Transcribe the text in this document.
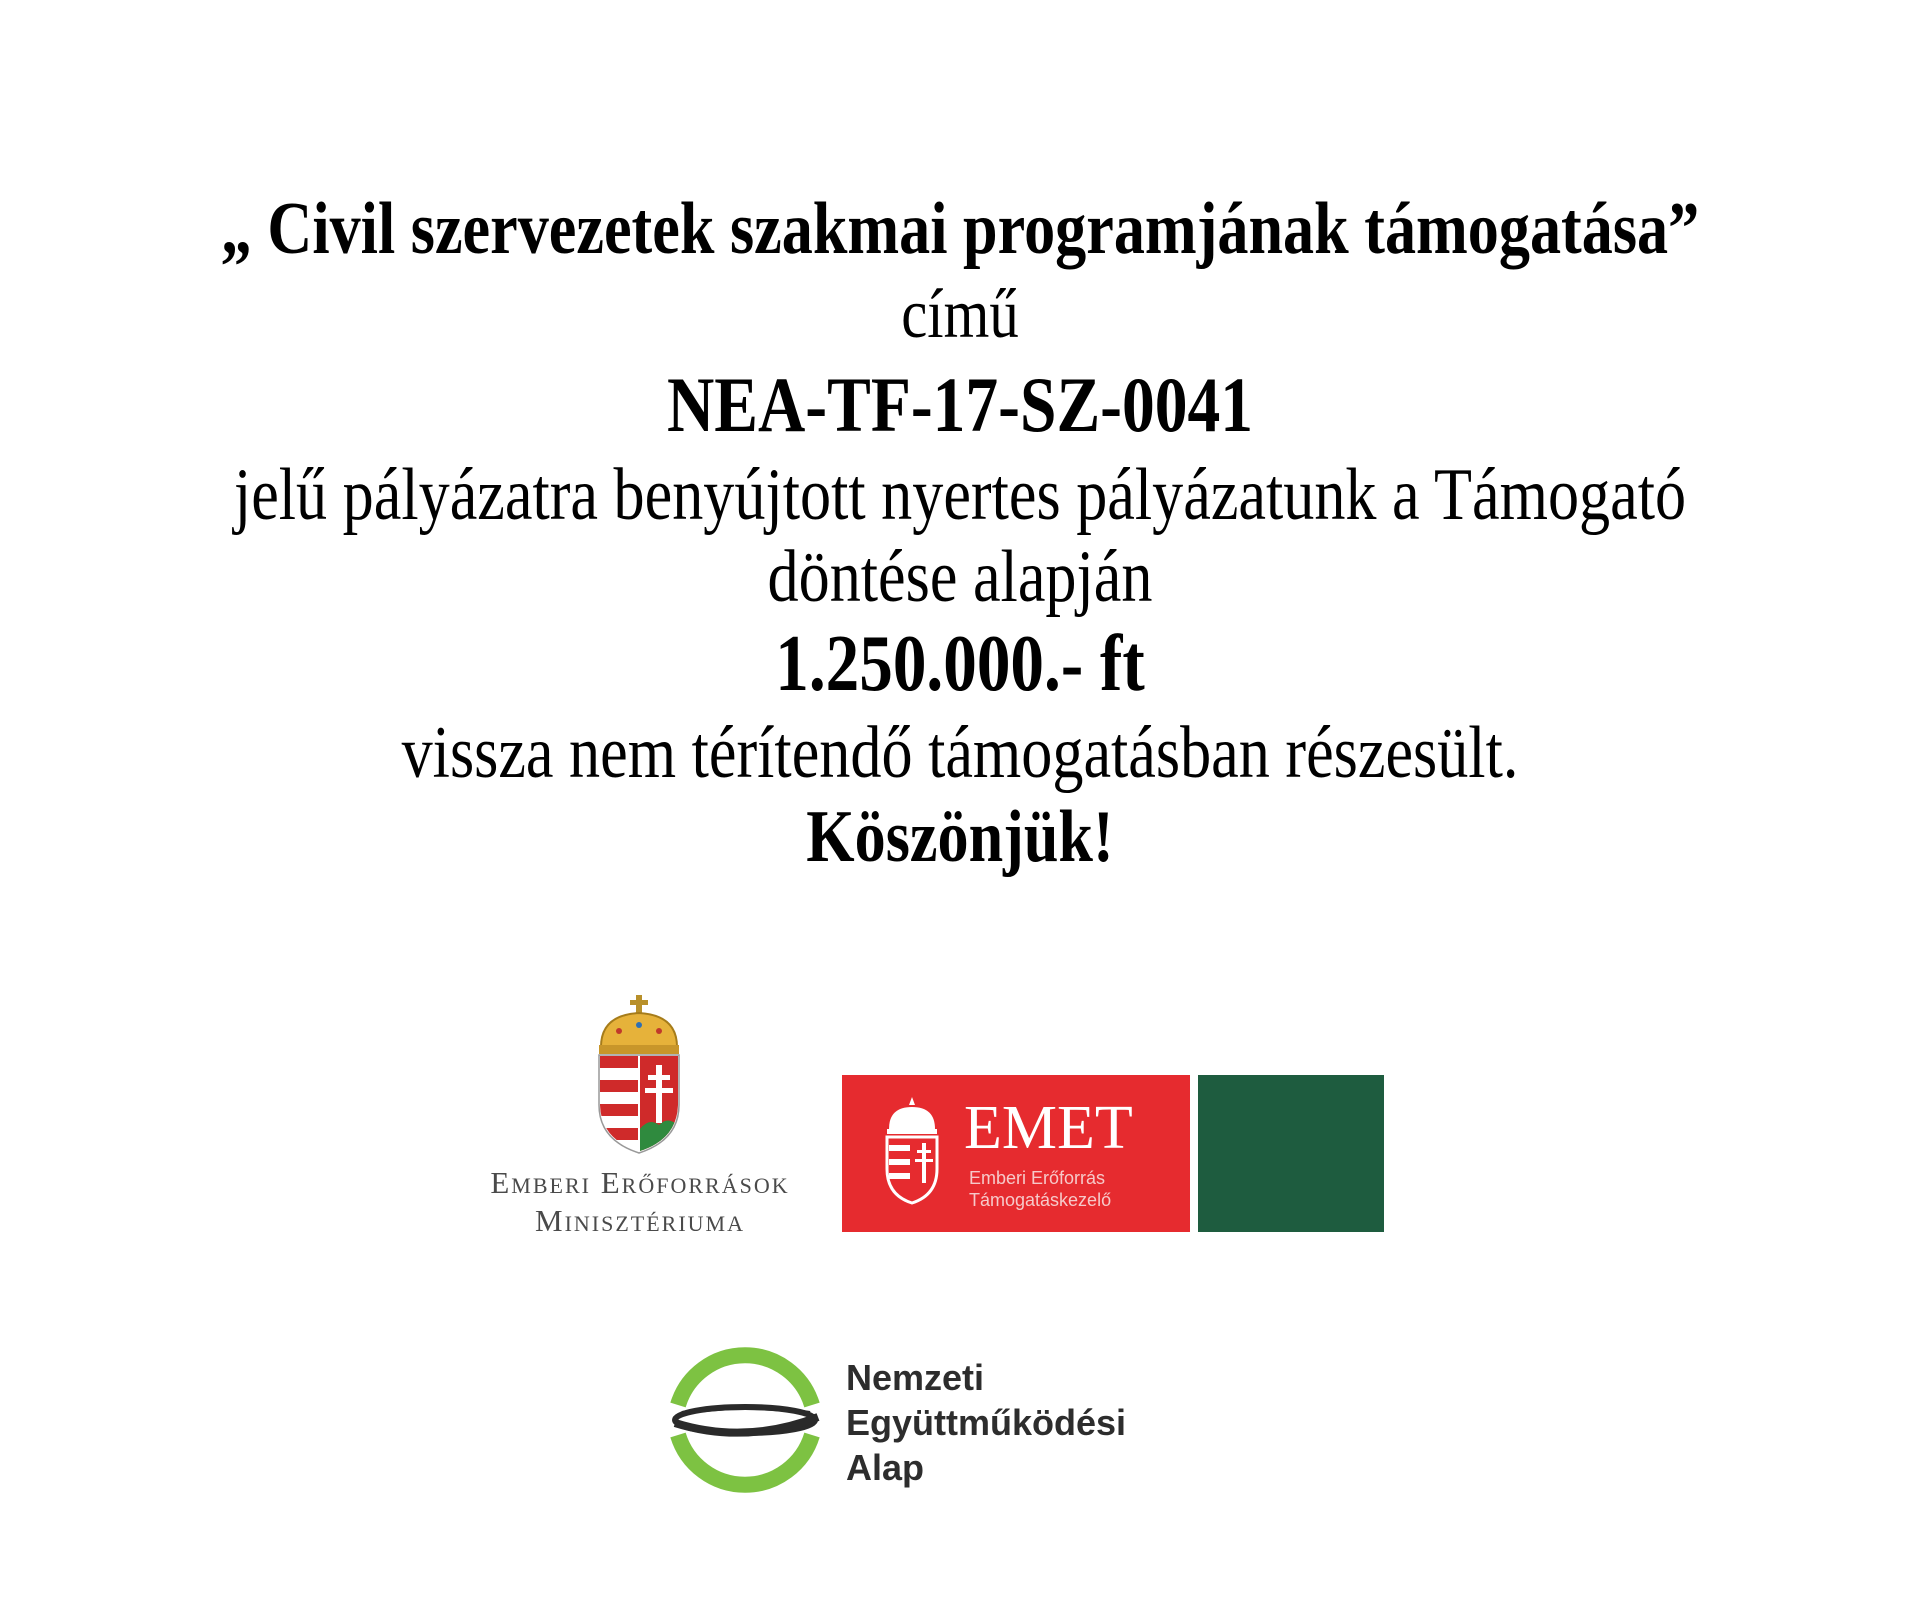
„ Civil szervezetek szakmai programjának támogatása”
című
NEA-TF-17-SZ-0041
jelű pályázatra benyújtott nyertes pályázatunk a Támogató
döntése alapján
1.250.000.- ft
vissza nem térítendő támogatásban részesült.
Köszönjük!
Emberi Erőforrások
Minisztériuma
EMET
Emberi Erőforrás
Támogatáskezelő
Nemzeti
Együttműködési
Alap
